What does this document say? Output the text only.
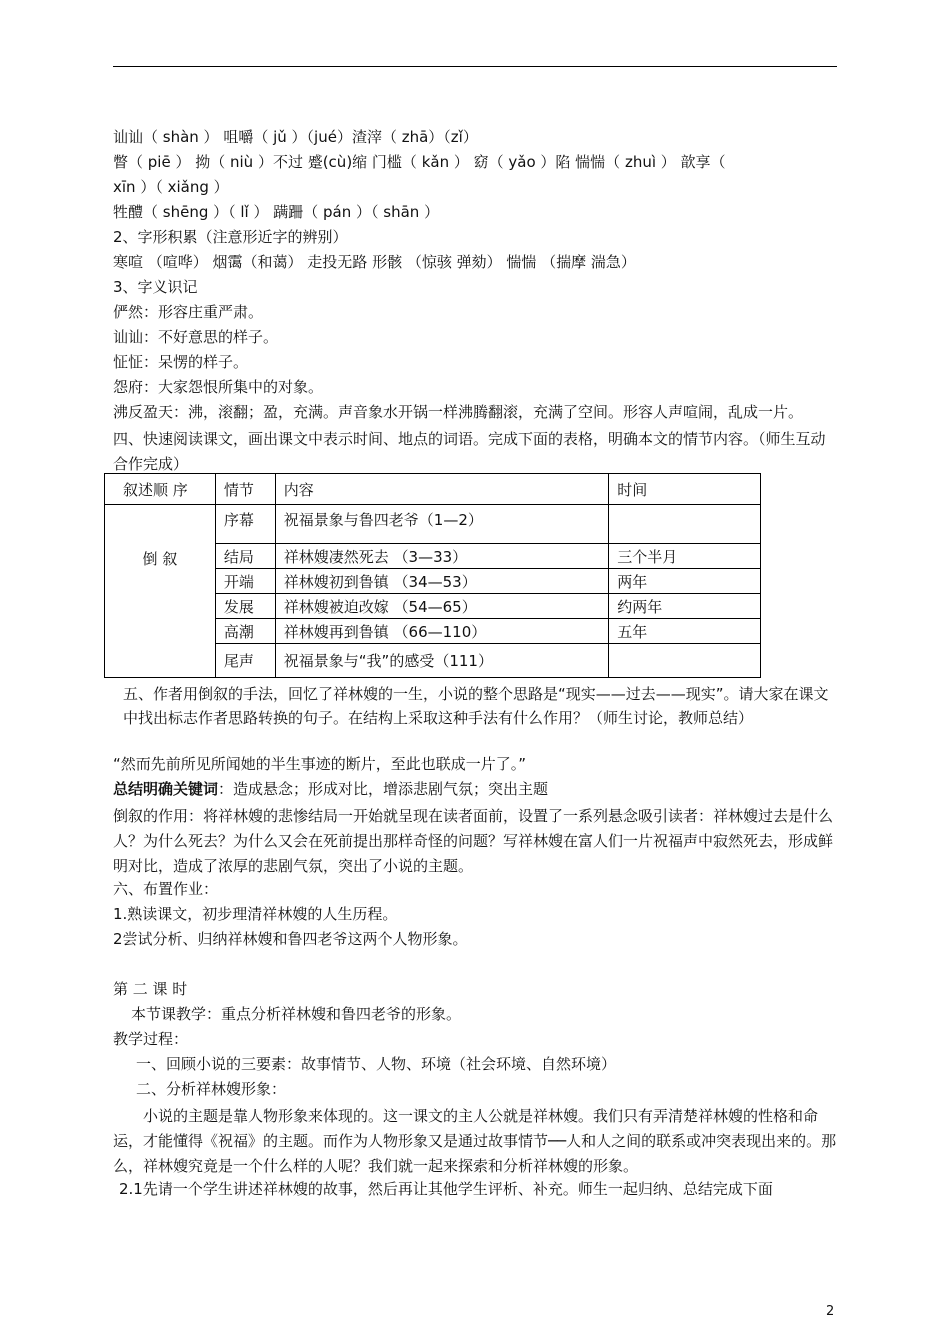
讪讪（ shàn ） 咀嚼（ jǔ ）（jué）渣滓（ zhā）（zǐ）
瞥（ piē ） 拗（ niù ）不过 蹙(cù)缩 门槛（ kǎn ） 窈（ yǎo ）陷 惴惴（ zhuì ） 歆享（
xīn ）（ xiǎng ）
牲醴（ shēng ）（ lǐ ） 蹒跚（ pán ）（ shān ）
2、字形积累（注意形近字的辨别）
寒喧 （喧哗） 烟霭（和蔼） 走投无路 形骸 （惊骇 弹劾） 惴惴 （揣摩 湍急）
3、字义识记
俨然：形容庄重严肃。
讪讪：不好意思的样子。
怔怔：呆愣的样子。
怨府：大家怨恨所集中的对象。
沸反盈天：沸，滚翻；盈，充满。声音象水开锅一样沸腾翻滚，充满了空间。形容人声喧闹，乱成一片。
四、快速阅读课文，画出课文中表示时间、地点的词语。完成下面的表格，明确本文的情节内容。（师生互动合作完成）
叙述顺 序	情节	内容	时间
倒 叙	序幕	祝福景象与鲁四老爷（1—2）	
	结局	祥林嫂凄然死去 （3—33）	三个半月
	开端	祥林嫂初到鲁镇 （34—53）	两年
	发展	祥林嫂被迫改嫁 （54—65）	约两年
	高潮	祥林嫂再到鲁镇 （66—110）	五年
	尾声	祝福景象与“我”的感受（111）	
五、作者用倒叙的手法，回忆了祥林嫂的一生，小说的整个思路是“现实——过去——现实”。请大家在课文中找出标志作者思路转换的句子。在结构上采取这种手法有什么作用？（师生讨论，教师总结）
“然而先前所见所闻她的半生事迹的断片，至此也联成一片了。”
总结明确关键词：造成悬念；形成对比，增添悲剧气氛；突出主题
倒叙的作用：将祥林嫂的悲惨结局一开始就呈现在读者面前，设置了一系列悬念吸引读者：祥林嫂过去是什么人？为什么死去？为什么又会在死前提出那样奇怪的问题？写祥林嫂在富人们一片祝福声中寂然死去，形成鲜明对比，造成了浓厚的悲剧气氛，突出了小说的主题。
六、布置作业：
1.熟读课文，初步理清祥林嫂的人生历程。
2尝试分析、归纳祥林嫂和鲁四老爷这两个人物形象。
第 二 课 时
本节课教学：重点分析祥林嫂和鲁四老爷的形象。
教学过程：
一、回顾小说的三要素：故事情节、人物、环境（社会环境、自然环境）
二、分析祥林嫂形象：
小说的主题是靠人物形象来体现的。这一课文的主人公就是祥林嫂。我们只有弄清楚祥林嫂的性格和命运，才能懂得《祝福》的主题。而作为人物形象又是通过故事情节──人和人之间的联系或冲突表现出来的。那么，祥林嫂究竟是一个什么样的人呢？我们就一起来探索和分析祥林嫂的形象。
2.1先请一个学生讲述祥林嫂的故事，然后再让其他学生评析、补充。师生一起归纳、总结完成下面
2
